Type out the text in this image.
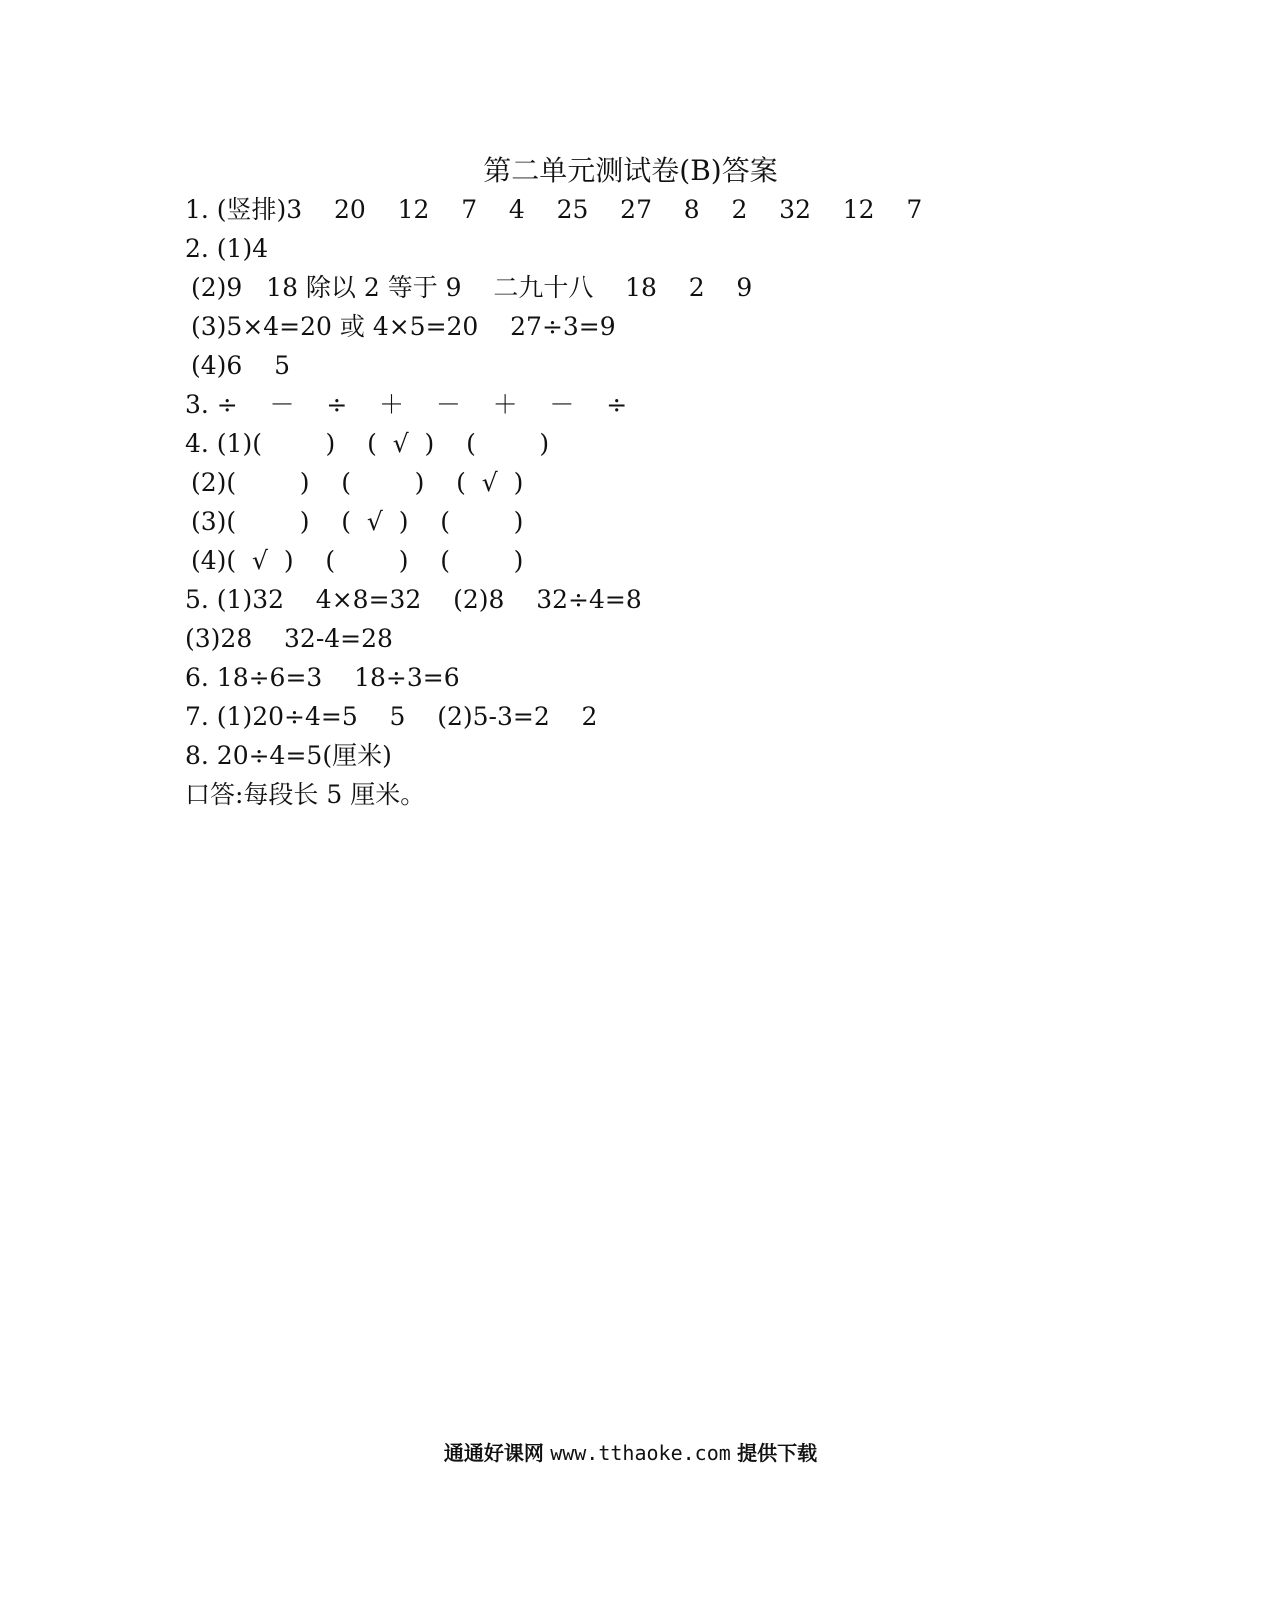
第二单元测试卷(B)答案
1. (竖排)3    20    12    7    4    25    27    8    2    32    12    7
2. (1)4
(2)9   18 除以 2 等于 9    二九十八    18    2    9
(3)5×4=20 或 4×5=20    27÷3=9
(4)6    5
3. ÷    －    ÷    ＋    －    ＋    －    ÷
4. (1)(        )    (  √  )    (        )
(2)(        )    (        )    (  √  )
(3)(        )    (  √  )    (        )
(4)(  √  )    (        )    (        )
5. (1)32    4×8=32    (2)8    32÷4=8
(3)28    32-4=28
6. 18÷6=3    18÷3=6
7. (1)20÷4=5    5    (2)5-3=2    2
8. 20÷4=5(厘米)
口答:每段长 5 厘米。
通通好课网 www.tthaoke.com 提供下载
